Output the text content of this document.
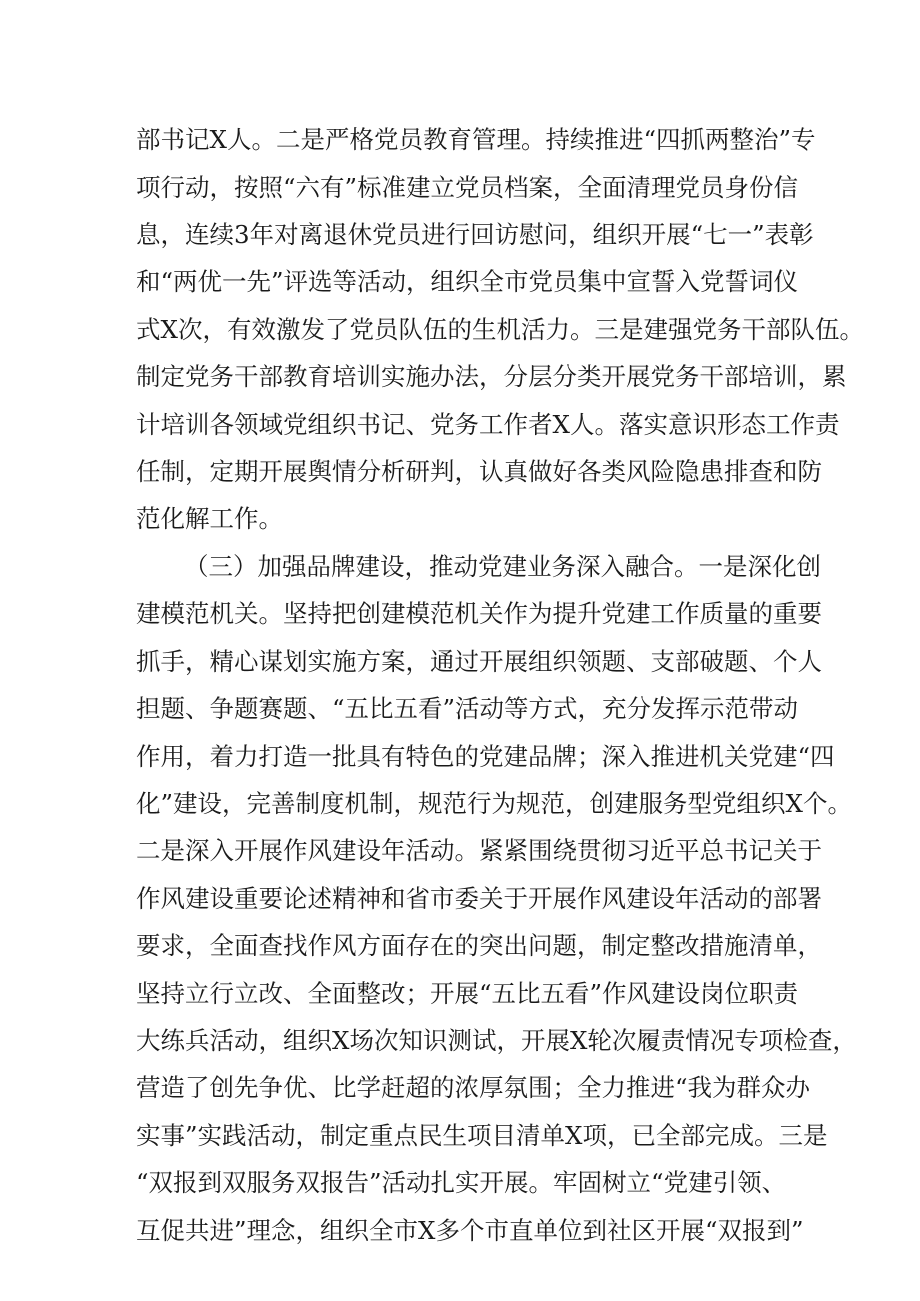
部书记X人。二是严格党员教育管理。持续推进“四抓两整治”专
项行动，按照“六有”标准建立党员档案，全面清理党员身份信
息，连续3年对离退休党员进行回访慰问，组织开展“七一”表彰
和“两优一先”评选等活动，组织全市党员集中宣誓入党誓词仪
式X次，有效激发了党员队伍的生机活力。三是建强党务干部队伍。
制定党务干部教育培训实施办法，分层分类开展党务干部培训，累
计培训各领域党组织书记、党务工作者X人。落实意识形态工作责
任制，定期开展舆情分析研判，认真做好各类风险隐患排查和防
范化解工作。
（三）加强品牌建设，推动党建业务深入融合。一是深化创
建模范机关。坚持把创建模范机关作为提升党建工作质量的重要
抓手，精心谋划实施方案，通过开展组织领题、支部破题、个人
担题、争题赛题、“五比五看”活动等方式，充分发挥示范带动
作用，着力打造一批具有特色的党建品牌；深入推进机关党建“四
化”建设，完善制度机制，规范行为规范，创建服务型党组织X个。
二是深入开展作风建设年活动。紧紧围绕贯彻习近平总书记关于
作风建设重要论述精神和省市委关于开展作风建设年活动的部署
要求，全面查找作风方面存在的突出问题，制定整改措施清单，
坚持立行立改、全面整改；开展“五比五看”作风建设岗位职责
大练兵活动，组织X场次知识测试，开展X轮次履责情况专项检查，
营造了创先争优、比学赶超的浓厚氛围；全力推进“我为群众办
实事”实践活动，制定重点民生项目清单X项，已全部完成。三是
“双报到双服务双报告”活动扎实开展。牢固树立“党建引领、
互促共进”理念，组织全市X多个市直单位到社区开展“双报到”
